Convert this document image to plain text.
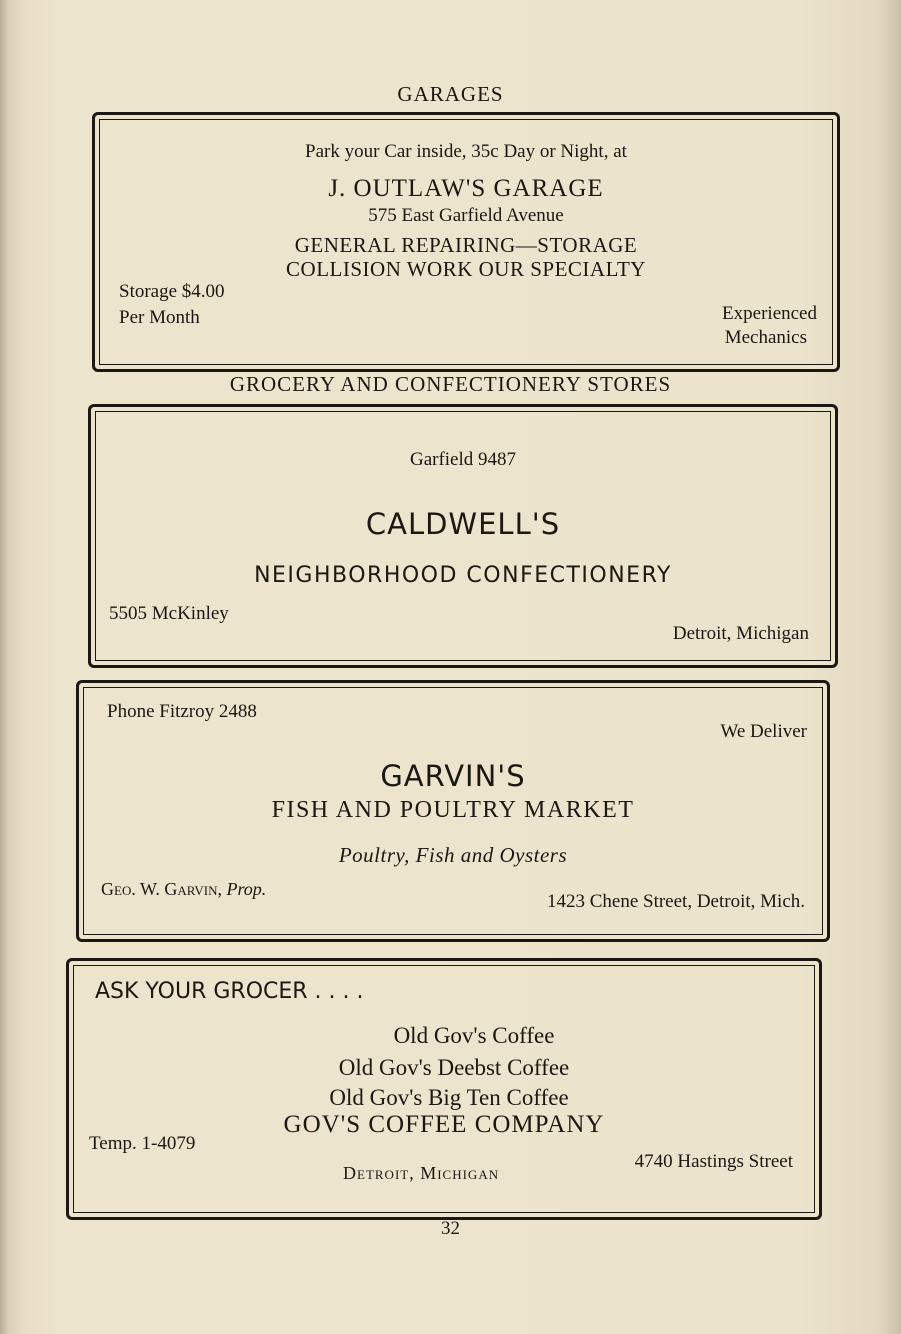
GARAGES
Park your Car inside, 35c Day or Night, at
J. OUTLAW'S GARAGE
575 East Garfield Avenue
GENERAL REPAIRING—STORAGE
COLLISION WORK OUR SPECIALTY
Storage $4.00
Per Month	Experienced
Mechanics
GROCERY AND CONFECTIONERY STORES
Garfield 9487
CALDWELL'S
NEIGHBORHOOD CONFECTIONERY
5505 McKinley
Detroit, Michigan
Phone Fitzroy 2488
We Deliver
GARVIN'S
FISH AND POULTRY MARKET
Poultry, Fish and Oysters
Geo. W. Garvin, Prop.
1423 Chene Street, Detroit, Mich.
ASK YOUR GROCER . . . .
Old Gov's Coffee
Old Gov's Deebst Coffee
Old Gov's Big Ten Coffee
GOV'S COFFEE COMPANY
Temp. 1-4079
4740 Hastings Street
Detroit, Michigan
32
